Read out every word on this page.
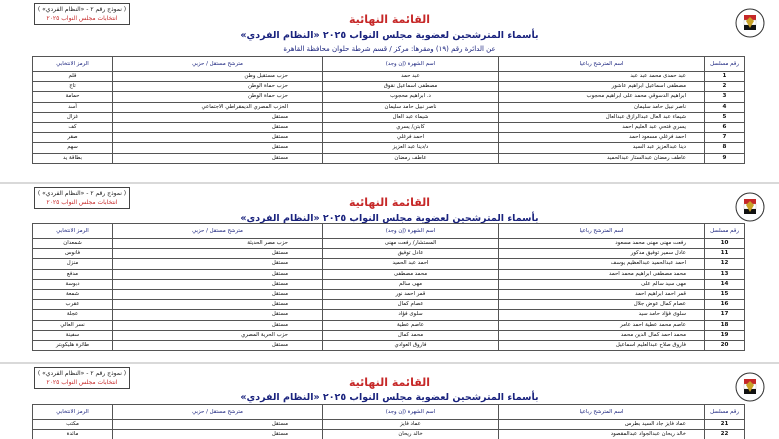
( نموذج رقم ٢ - «النظام الفردي» )
انتخابات مجلس النواب ٢٠٢٥	القائمة النهائية
بأسماء المترشحين لعضوية مجلس النواب ٢٠٢٥ «النظام الفردي»
عن الدائرة رقم (١٩) ومقرها: مركز / قسم شرطة حلوان محافظة القاهرة
رقم مسلسل	اسم المترشح رباعيا	اسم الشهرة (إن وجد)	مترشح مستقل / حزبي	الرمز الانتخابي
1	عبد حمدى محمد عبد عبد	عبد حمد	حزب مستقبل وطن	قلم
2	مصطفى اسماعيل ابراهيم عاشور	مصطفى اسماعيل نقوق	حزب حماة الوطن	تاج
3	ابراهيم الدسوقي محمد على ابراهيم محجوب	د. ابراهيم محجوب	حزب حماة الوطن	حمامة
4	ناصر نبيل حامد سليمان	ناصر نبيل حامد سليمان	الحزب المصري الديمقراطي الاجتماعي	أسد
5	شيماء عبد العال عبدالرازق عبدالعال	شيماء عبد العال	مستقل	غزال
6	يسري فتحي عبد العليم احمد	كابتن/ يسري	مستقل	كف
7	احمد فرغلي مسعود احمد	احمد فرغلي	مستقل	صقر
8	دينا عبدالعزيز عبد السيد	د/دينا عبد العزيز	مستقل	سهم
9	عاطف رمضان عبدالستار عبدالحميد	عاطف رمضان	مستقل	بطاقة يد
( نموذج رقم ٢ - «النظام الفردي» )
انتخابات مجلس النواب ٢٠٢٥	القائمة النهائية
بأسماء المترشحين لعضوية مجلس النواب ٢٠٢٥ «النظام الفردي»
رقم مسلسل	اسم المترشح رباعيا	اسم الشهرة (إن وجد)	مترشح مستقل / حزبي	الرمز الانتخابي
10	رفعت مهنى مهنى محمد مسعود	المستشار/ رفعت مهنى	حزب مصر الحديثة	شمعدان
11	عادل سمير توفيق مدكور	عادل توفيق	مستقل	فانوس
12	احمد عبدالحميد عبدالعظيم يوسف	احمد عبد الحميد	مستقل	منزل
13	محمد مصطفى ابراهيم محمد احمد	محمد مصطفى	مستقل	مدفع
14	مهى سيد سالم على	مهى سالم	مستقل	دبوسة
15	قمر احمد ابراهيم احمد	قمر احمد نور	مستقل	شمعة
16	عصام كمال عوض جلال	عصام كمال	مستقل	عقرب
17	سلوى فؤاد حامد سيد	سلوى فؤاد	مستقل	عجلة
18	عاصم محمد عطية احمد عامر	عاصم عطية	مستقل	نسر العالي
19	محمد احمد كمال الدين محمد	محمد كمال	حزب الحرية المصري	سفينة
20	فاروق صلاح عبدالعليم اسماعيل	فاروق العوادي	مستقل	طائرة هليكوبتر
( نموذج رقم ٢ - «النظام الفردي» )
انتخابات مجلس النواب ٢٠٢٥	القائمة النهائية
بأسماء المترشحين لعضوية مجلس النواب ٢٠٢٥ «النظام الفردي»
رقم مسلسل	اسم المترشح رباعيا	اسم الشهرة (إن وجد)	مترشح مستقل / حزبي	الرمز الانتخابي
21	عماد فايز جاد السيد بطرس	عماد فايز	مستقل	مكتب
22	خالد ريحان عبدالجواد عبدالمقصود	خالد ريحان	مستقل	مائدة
